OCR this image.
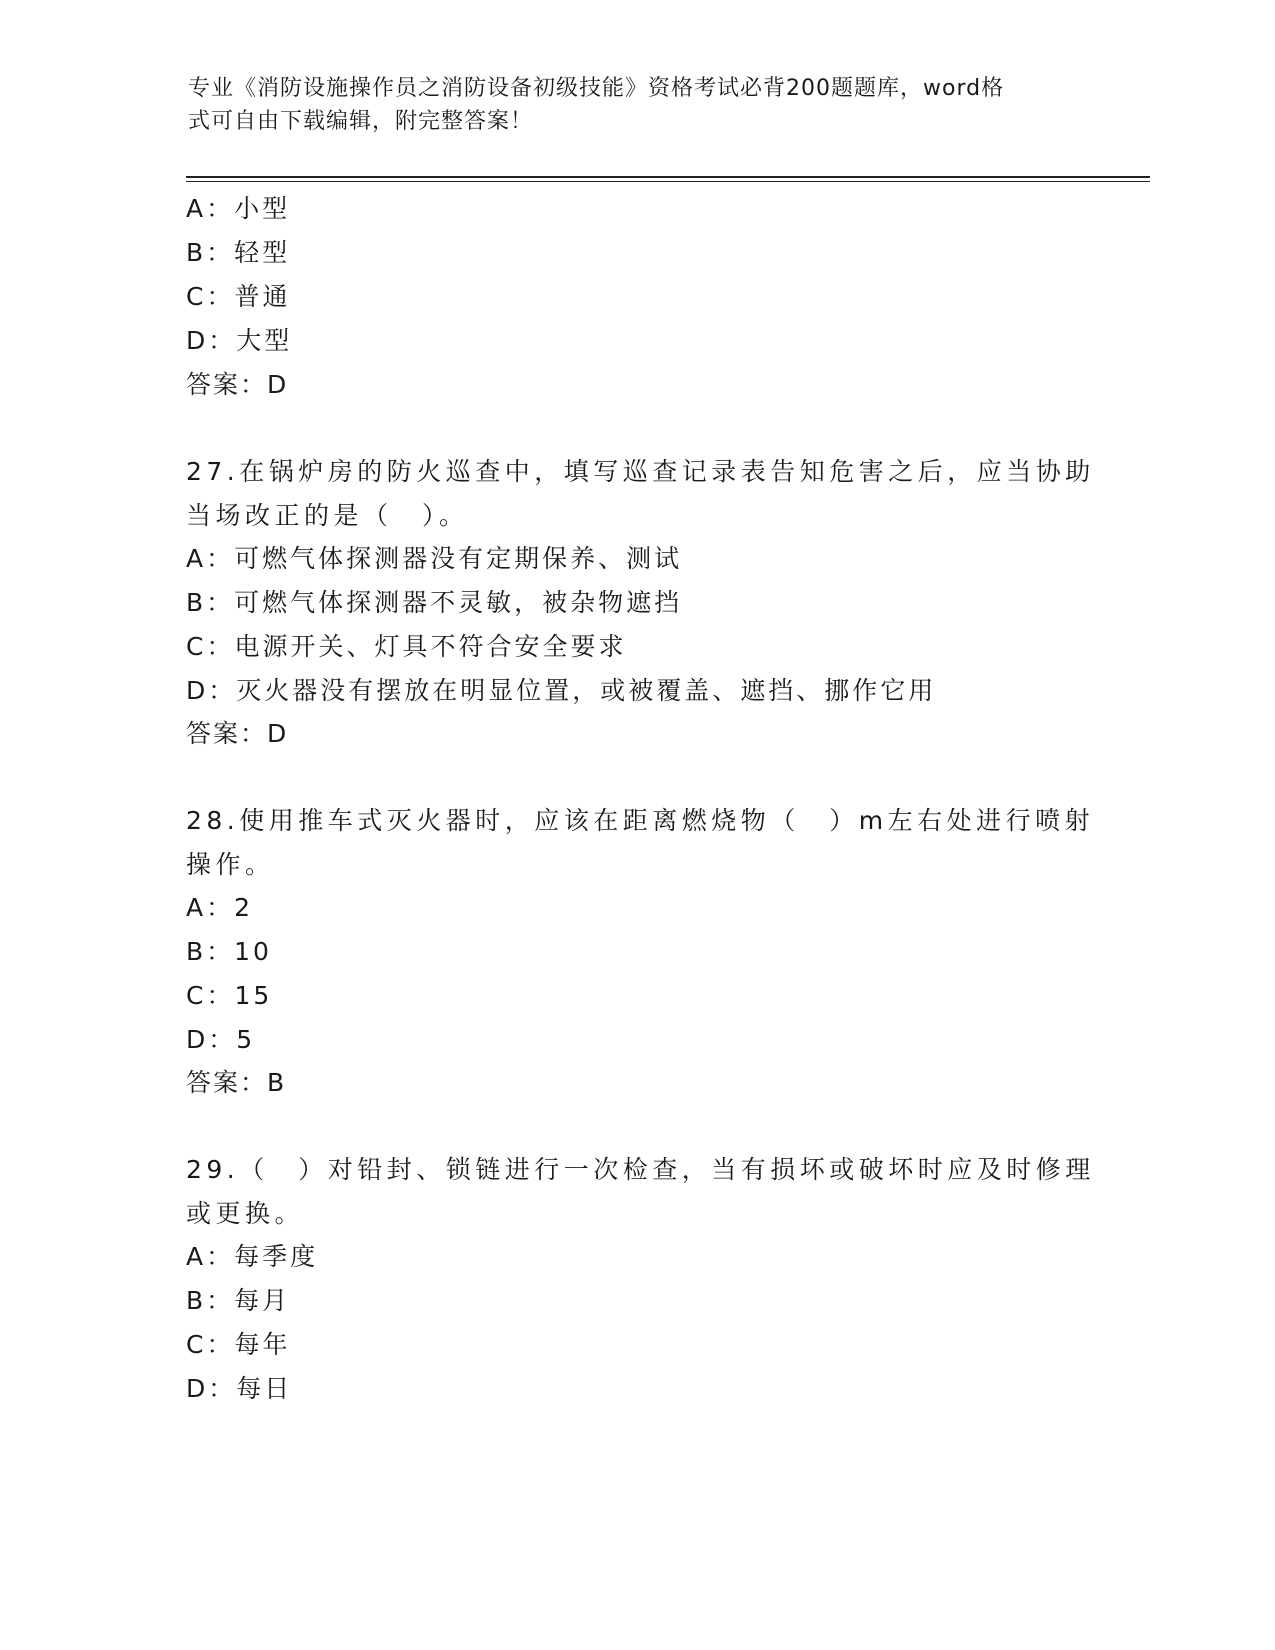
专业《消防设施操作员之消防设备初级技能》资格考试必背200题题库，word格
式可自由下载编辑，附完整答案！
A：小型
B：轻型
C：普通
D：大型
答案：D
27.在锅炉房的防火巡查中，填写巡查记录表告知危害之后，应当协助
当场改正的是（　）。
A：可燃气体探测器没有定期保养、测试
B：可燃气体探测器不灵敏，被杂物遮挡
C：电源开关、灯具不符合安全要求
D：灭火器没有摆放在明显位置，或被覆盖、遮挡、挪作它用
答案：D
28.使用推车式灭火器时，应该在距离燃烧物（　）m左右处进行喷射
操作。
A：2
B：10
C：15
D：5
答案：B
29.（　）对铅封、锁链进行一次检查，当有损坏或破坏时应及时修理
或更换。
A：每季度
B：每月
C：每年
D：每日
